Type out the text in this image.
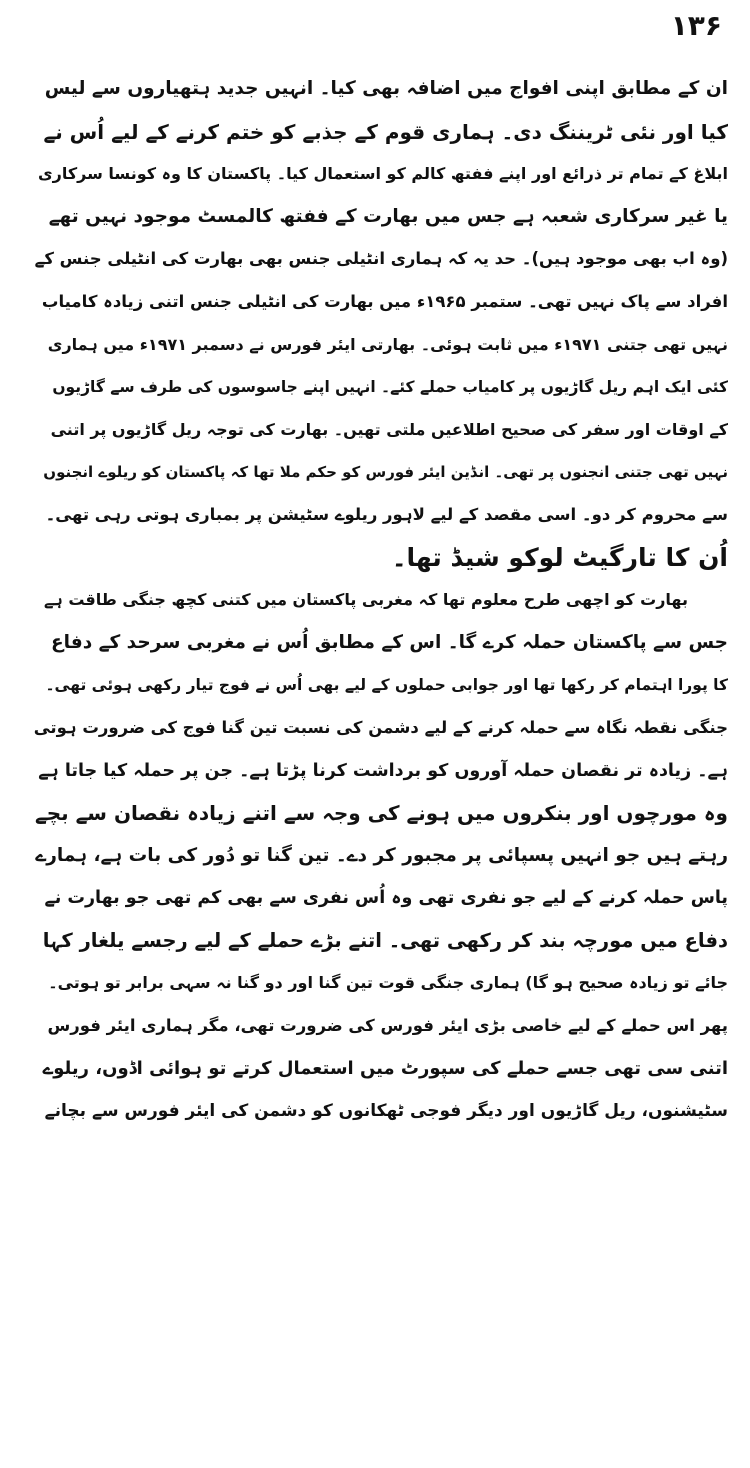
۱۳۶
ان کے مطابق اپنی افواج میں اضافہ بھی کیا۔ انہیں جدید ہتھیاروں سے لیس
کیا اور نئی ٹریننگ دی۔ ہماری قوم کے جذبے کو ختم کرنے کے لیے اُس نے
ابلاغ کے تمام تر ذرائع اور اپنے ففتھ کالم کو استعمال کیا۔ پاکستان کا وہ کونسا سرکاری
یا غیر سرکاری شعبہ ہے جس میں بھارت کے ففتھ کالمسٹ موجود نہیں تھے
(وہ اب بھی موجود ہیں)۔ حد یہ کہ ہماری انٹیلی جنس بھی بھارت کی انٹیلی جنس کے
افراد سے پاک نہیں تھی۔ ستمبر ۱۹۶۵ء میں بھارت کی انٹیلی جنس اتنی زیادہ کامیاب
نہیں تھی جتنی ۱۹۷۱ء میں ثابت ہوئی۔ بھارتی ایئر فورس نے دسمبر ۱۹۷۱ء میں ہماری
کئی ایک اہم ریل گاڑیوں پر کامیاب حملے کئے۔ انہیں اپنے جاسوسوں کی طرف سے گاڑیوں
کے اوقات اور سفر کی صحیح اطلاعیں ملتی تھیں۔ بھارت کی توجہ ریل گاڑیوں پر اتنی
نہیں تھی جتنی انجنوں پر تھی۔ انڈین ایئر فورس کو حکم ملا تھا کہ پاکستان کو ریلوے انجنوں
سے محروم کر دو۔ اسی مقصد کے لیے لاہور ریلوے سٹیشن پر بمباری ہوتی رہی تھی۔
اُن کا تارگیٹ لوکو شیڈ تھا۔
بھارت کو اچھی طرح معلوم تھا کہ مغربی پاکستان میں کتنی کچھ جنگی طاقت ہے
جس سے پاکستان حملہ کرے گا۔ اس کے مطابق اُس نے مغربی سرحد کے دفاع
کا پورا اہتمام کر رکھا تھا اور جوابی حملوں کے لیے بھی اُس نے فوج تیار رکھی ہوئی تھی۔
جنگی نقطہ نگاہ سے حملہ کرنے کے لیے دشمن کی نسبت تین گنا فوج کی ضرورت ہوتی
ہے۔ زیادہ تر نقصان حملہ آوروں کو برداشت کرنا پڑتا ہے۔ جن پر حملہ کیا جاتا ہے
وہ مورچوں اور بنکروں میں ہونے کی وجہ سے اتنے زیادہ نقصان سے بچے
رہتے ہیں جو انہیں پسپائی پر مجبور کر دے۔ تین گنا تو دُور کی بات ہے، ہمارے
پاس حملہ کرنے کے لیے جو نفری تھی وہ اُس نفری سے بھی کم تھی جو بھارت نے
دفاع میں مورچہ بند کر رکھی تھی۔ اتنے بڑے حملے کے لیے رجسے یلغار کہا
جائے تو زیادہ صحیح ہو گا) ہماری جنگی قوت تین گنا اور دو گنا نہ سہی برابر تو ہوتی۔
پھر اس حملے کے لیے خاصی بڑی ایئر فورس کی ضرورت تھی، مگر ہماری ایئر فورس
اتنی سی تھی جسے حملے کی سپورٹ میں استعمال کرتے تو ہوائی اڈوں، ریلوے
سٹیشنوں، ریل گاڑیوں اور دیگر فوجی ٹھکانوں کو دشمن کی ایئر فورس سے بچانے
